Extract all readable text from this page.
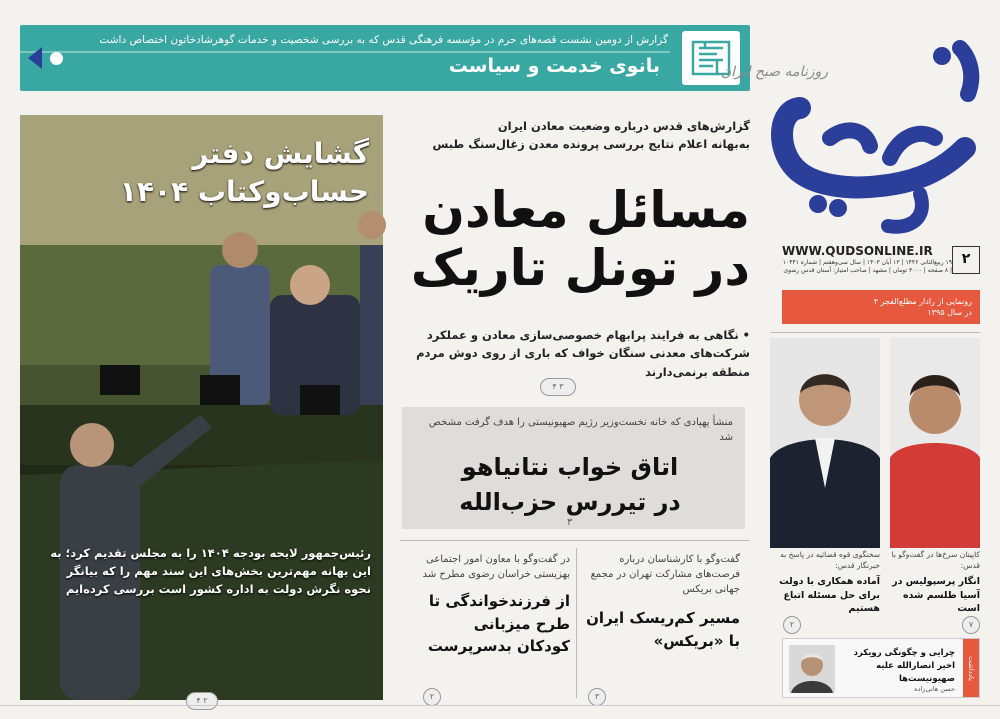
گزارش از دومین نشست قصه‌های حرم در مؤسسه فرهنگی قدس که به بررسی شخصیت و خدمات گوهرشادخاتون اختصاص داشت
بانوی خدمت و سیاست	روزنامه صبح ایران
WWW.QUDSONLINE.IR
۱۹ ربیع‌الثانی ۱۴۴۶ | ۱۳ آبان ۱۴۰۳ | سال سی‌وهفتم | شماره ۱۰۴۴۱ | ۸ صفحه | ۳۰۰۰ تومان | مشهد | صاحب امتیاز: آستان قدس رضوی
۲
رونمایی از رادار مطلع‌الفجر ۳
در سال ۱۳۹۵
گزارش‌های قدس درباره وضعیت معادن ایران
به‌بهانه اعلام نتایج بررسی پرونده معدن زغال‌سنگ طبس
مسائل معادن
در تونل تاریک
• نگاهی به فرایند پرابهام خصوصی‌سازی معادن و عملکرد شرکت‌های معدنی سنگان خواف که باری از روی دوش مردم منطقه برنمی‌دارند
۳ ۴
منشأ پهپادی که خانه نخست‌وزیر رژیم صهیونیستی را هدف گرفت مشخص شد
اتاق خواب نتانیاهو
در تیررس حزب‌الله
۳
گفت‌وگو با کارشناسان درباره فرصت‌های مشارکت تهران در مجمع جهانی بریکس
مسیر کم‌ریسک ایران با «بریکس»
۳
در گفت‌وگو با معاون امور اجتماعی بهزیستی خراسان رضوی مطرح شد
از فرزندخواندگی تا طرح میزبانی کودکان بدسرپرست
۲
گشایش دفتر
حساب‌وکتاب ۱۴۰۴
رئیس‌جمهور لایحه بودجه ۱۴۰۴ را به مجلس تقدیم کرد؛ به این بهانه مهم‌ترین بخش‌های این سند مهم را که بیانگر نحوه نگرش دولت به اداره کشور است بررسی کرده‌ایم
۲ ۴
کاپیتان سرخ‌ها در گفت‌وگو با قدس:
انگار پرسپولیس در آسیا طلسم شده است
۷
سخنگوی قوه قضائیه در پاسخ به خبرنگار قدس:
آماده همکاری با دولت برای حل مسئله اتباع هستیم
۲
یادداشت
چرایی و چگونگی رویکرد اخیر انصارالله علیه صهیونیست‌ها
حسن هانی‌زاده
